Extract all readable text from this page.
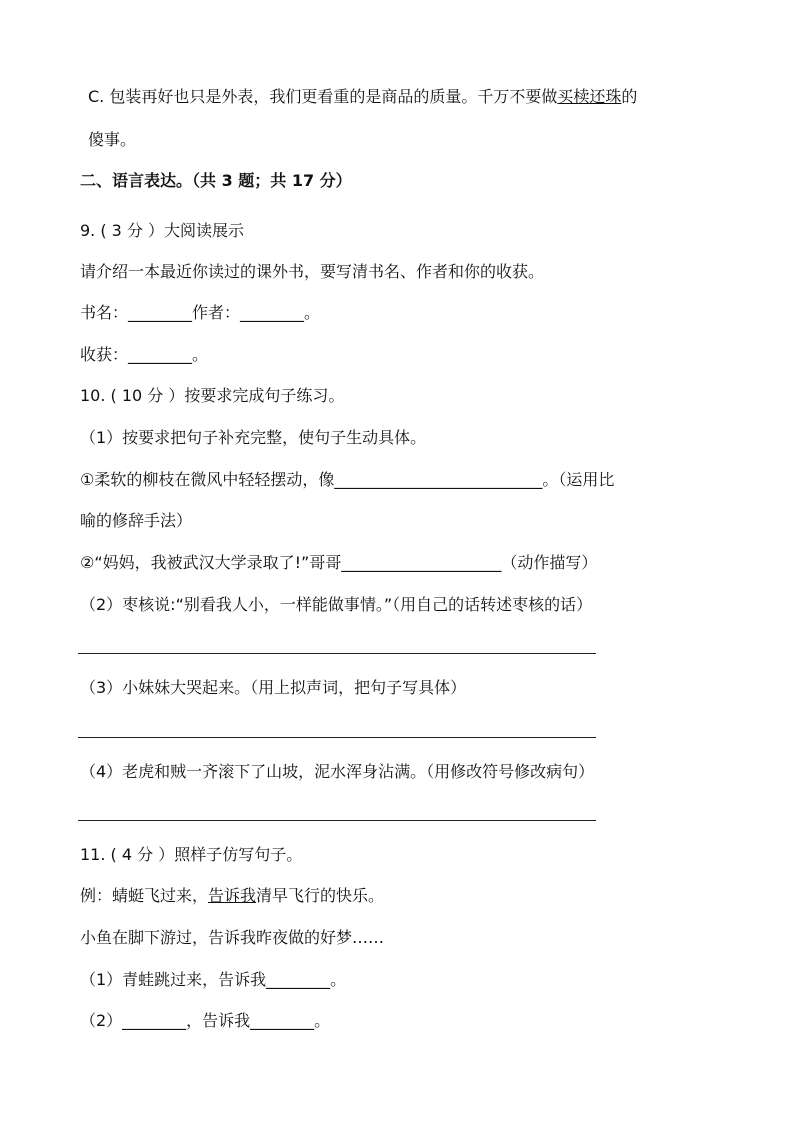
C. 包装再好也只是外表，我们更看重的是商品的质量。千万不要做买椟还珠的
傻事。
二、语言表达。（共 3 题；共 17 分）
9. ( 3 分 ）大阅读展示
请介绍一本最近你读过的课外书，要写清书名、作者和你的收获。
书名：________作者：________。
收获：________。
10. ( 10 分 ）按要求完成句子练习。
（1）按要求把句子补充完整，使句子生动具体。
①柔软的柳枝在微风中轻轻摆动，像__________________________。（运用比
喻的修辞手法）
②“妈妈，我被武汉大学录取了!”哥哥____________________（动作描写）
（2）枣核说:“别看我人小，一样能做事情。”（用自己的话转述枣核的话）
（3）小妹妹大哭起来。（用上拟声词，把句子写具体）
（4）老虎和贼一齐滚下了山坡，泥水浑身沾满。（用修改符号修改病句）
11. ( 4 分 ）照样子仿写句子。
例：蜻蜓飞过来，告诉我清早飞行的快乐。
小鱼在脚下游过，告诉我昨夜做的好梦……
（1）青蛙跳过来，告诉我________。
（2）________，告诉我________。
